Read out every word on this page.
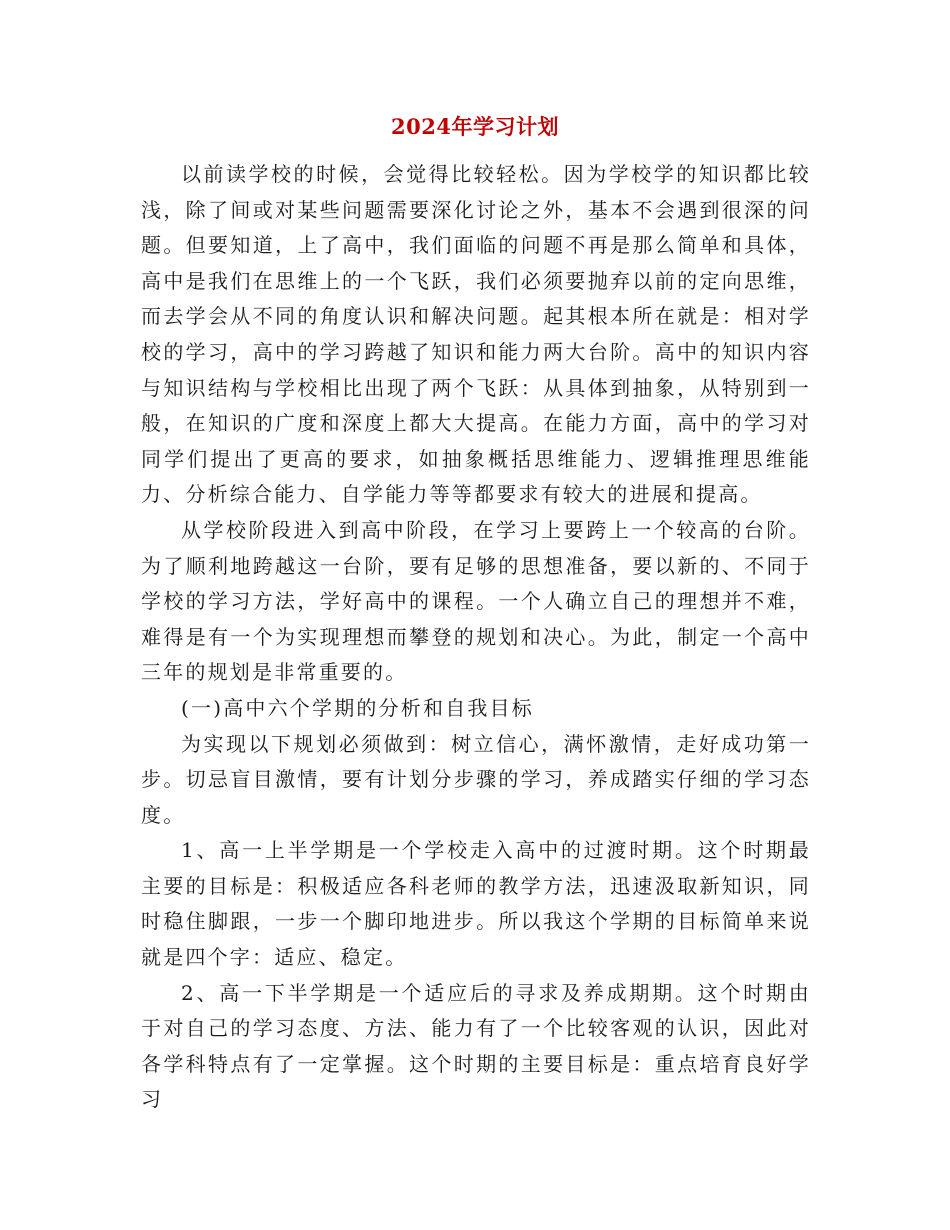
2024年学习计划

以前读学校的时候，会觉得比较轻松。因为学校学的知识都比较浅，除了间或对某些问题需要深化讨论之外，基本不会遇到很深的问题。但要知道，上了高中，我们面临的问题不再是那么简单和具体，高中是我们在思维上的一个飞跃，我们必须要抛弃以前的定向思维，而去学会从不同的角度认识和解决问题。起其根本所在就是：相对学校的学习，高中的学习跨越了知识和能力两大台阶。高中的知识内容与知识结构与学校相比出现了两个飞跃：从具体到抽象，从特别到一般，在知识的广度和深度上都大大提高。在能力方面，高中的学习对同学们提出了更高的要求，如抽象概括思维能力、逻辑推理思维能力、分析综合能力、自学能力等等都要求有较大的进展和提高。

从学校阶段进入到高中阶段，在学习上要跨上一个较高的台阶。为了顺利地跨越这一台阶，要有足够的思想准备，要以新的、不同于学校的学习方法，学好高中的课程。一个人确立自己的理想并不难，难得是有一个为实现理想而攀登的规划和决心。为此，制定一个高中三年的规划是非常重要的。

(一)高中六个学期的分析和自我目标

为实现以下规划必须做到：树立信心，满怀激情，走好成功第一步。切忌盲目激情，要有计划分步骤的学习，养成踏实仔细的学习态度。

1、高一上半学期是一个学校走入高中的过渡时期。这个时期最主要的目标是：积极适应各科老师的教学方法，迅速汲取新知识，同时稳住脚跟，一步一个脚印地进步。所以我这个学期的目标简单来说就是四个字：适应、稳定。

2、高一下半学期是一个适应后的寻求及养成期期。这个时期由于对自己的学习态度、方法、能力有了一个比较客观的认识，因此对各学科特点有了一定掌握。这个时期的主要目标是：重点培育良好学习
